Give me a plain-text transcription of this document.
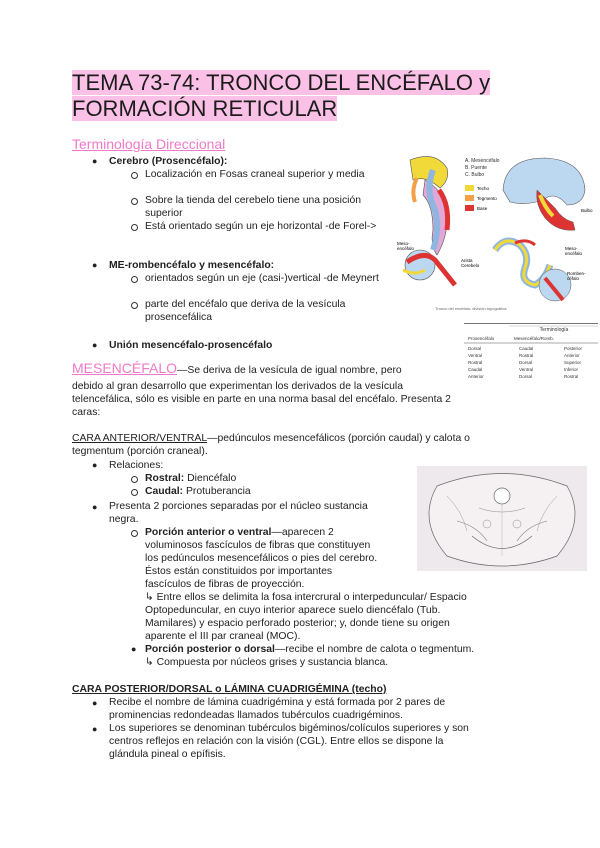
TEMA 73-74: TRONCO DEL ENCÉFALO y
FORMACIÓN RETICULAR
Terminología Direccional
● Cerebro (Prosencéfalo):
Localización en Fosas craneal superior y media
Sobre la tienda del cerebelo tiene una posición superior
Está orientado según un eje horizontal -de Forel->
● ME-rombencéfalo y mesencéfalo:
orientados según un eje (casi-)vertical -de Meynert
parte del encéfalo que deriva de la vesícula prosencefálica
● Unión mesencéfalo-prosencéfalo
A. Mesencéfalo
B. Puente
C. Bulbo
Techo
Tegmento
Base	Bulbo
Meso-
encéfalo
Arista
Cerebelo
Meso-
encéfalo
Romben-
céfalo
Tronco del encéfalo: división topográfica
Terminología
Prosencéfalo	Mesencéfalo/Romb.
Dorsal	Caudal	Posterior
Ventral	Rostral	Anterior
Rostral	Dorsal	Superior
Caudal	Ventral	Inferior
Anterior	Dorsal	Rostral
MESENCÉFALO—Se deriva de la vesícula de igual nombre, pero
debido al gran desarrollo que experimentan los derivados de la vesícula
telencefálica, sólo es visible en parte en una norma basal del encéfalo. Presenta 2
caras:
CARA ANTERIOR/VENTRAL—pedúnculos mesencefálicos (porción caudal) y calota o
tegmentum (porción craneal).
● Relaciones:
Rostral: Diencéfalo
Caudal: Protuberancia
● Presenta 2 porciones separadas por el núcleo sustancia
negra.
Porción anterior o ventral—aparecen 2
voluminosos fascículos de fibras que constituyen
los pedúnculos mesencefálicos o pies del cerebro.
Éstos están constituidos por importantes
fascículos de fibras de proyección.
↳ Entre ellos se delimita la fosa intercrural o interpeduncular/ Espacio
Optopeduncular, en cuyo interior aparece suelo diencéfalo (Tub.
Mamilares) y espacio perforado posterior; y, donde tiene su origen
aparente el III par craneal (MOC).
● Porción posterior o dorsal—recibe el nombre de calota o tegmentum.
↳ Compuesta por núcleos grises y sustancia blanca.
CARA POSTERIOR/DORSAL o LÁMINA CUADRIGÉMINA (techo)
● Recibe el nombre de lámina cuadrigémina y está formada por 2 pares de
prominencias redondeadas llamados tubérculos cuadrigéminos.
● Los superiores se denominan tubérculos bigéminos/colículos superiores y son
centros reflejos en relación con la visión (CGL). Entre ellos se dispone la
glándula pineal o epífisis.
